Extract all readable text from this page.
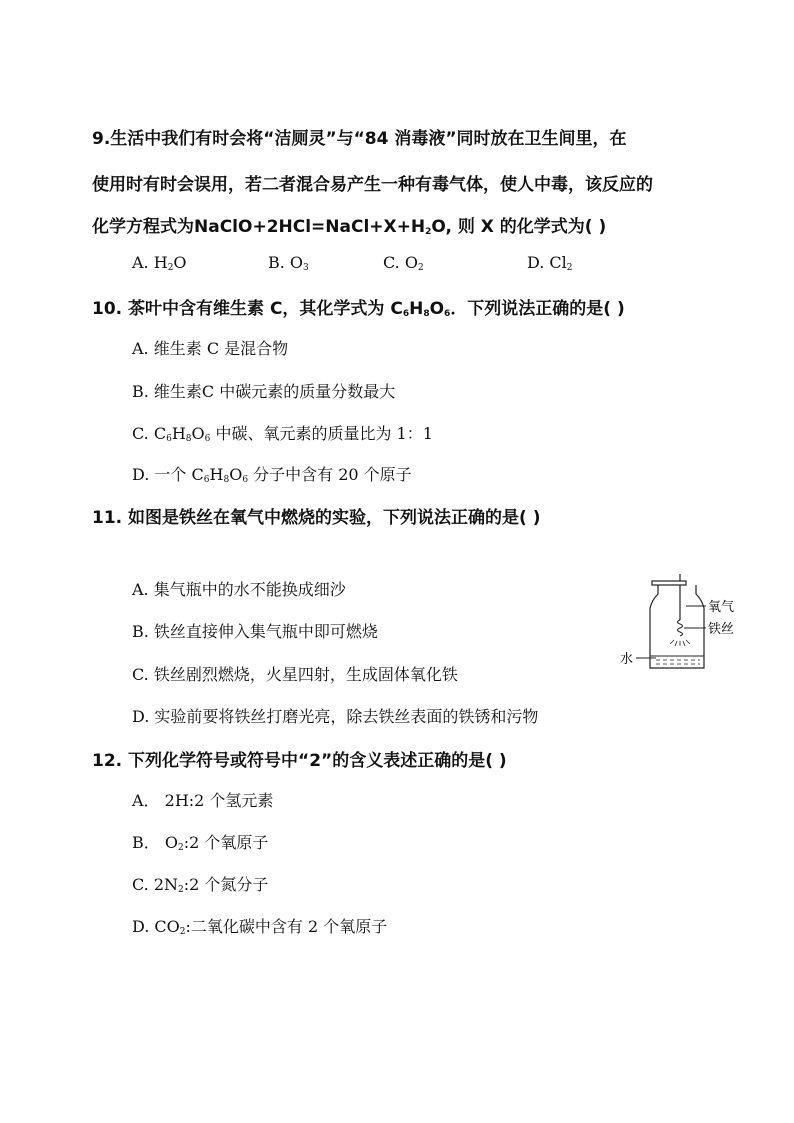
9.生活中我们有时会将“洁厕灵”与“84 消毒液”同时放在卫生间里，在
使用时有时会误用，若二者混合易产生一种有毒气体，使人中毒，该反应的
化学方程式为$NaClO+2HCl=NaCl+X+H_2O$, 则 X 的化学式为( )
A. $H_2O$	B. $O_3$	C. $O_2$	D. $Cl_2$
10. 茶叶中含有维生素 C，其化学式为 $C_6H_8O_6$．下列说法正确的是( )
A. 维生素 C 是混合物
B. 维生素C 中碳元素的质量分数最大
C. $C_6H_8O_6$ 中碳、氧元素的质量比为 1：1
D. 一个 $C_6H_8O_6$ 分子中含有 20 个原子
11. 如图是铁丝在氧气中燃烧的实验，下列说法正确的是( )
A. 集气瓶中的水不能换成细沙
B. 铁丝直接伸入集气瓶中即可燃烧
C. 铁丝剧烈燃烧，火星四射，生成固体氧化铁
D. 实验前要将铁丝打磨光亮，除去铁丝表面的铁锈和污物
氧气
铁丝
水
12. 下列化学符号或符号中“2”的含义表述正确的是( )
A． 2H:2 个氢元素
B． $O_2:2$ 个氧原子
C. $2N_2:2$ 个氮分子
D. $CO_2$:二氧化碳中含有 2 个氧原子
